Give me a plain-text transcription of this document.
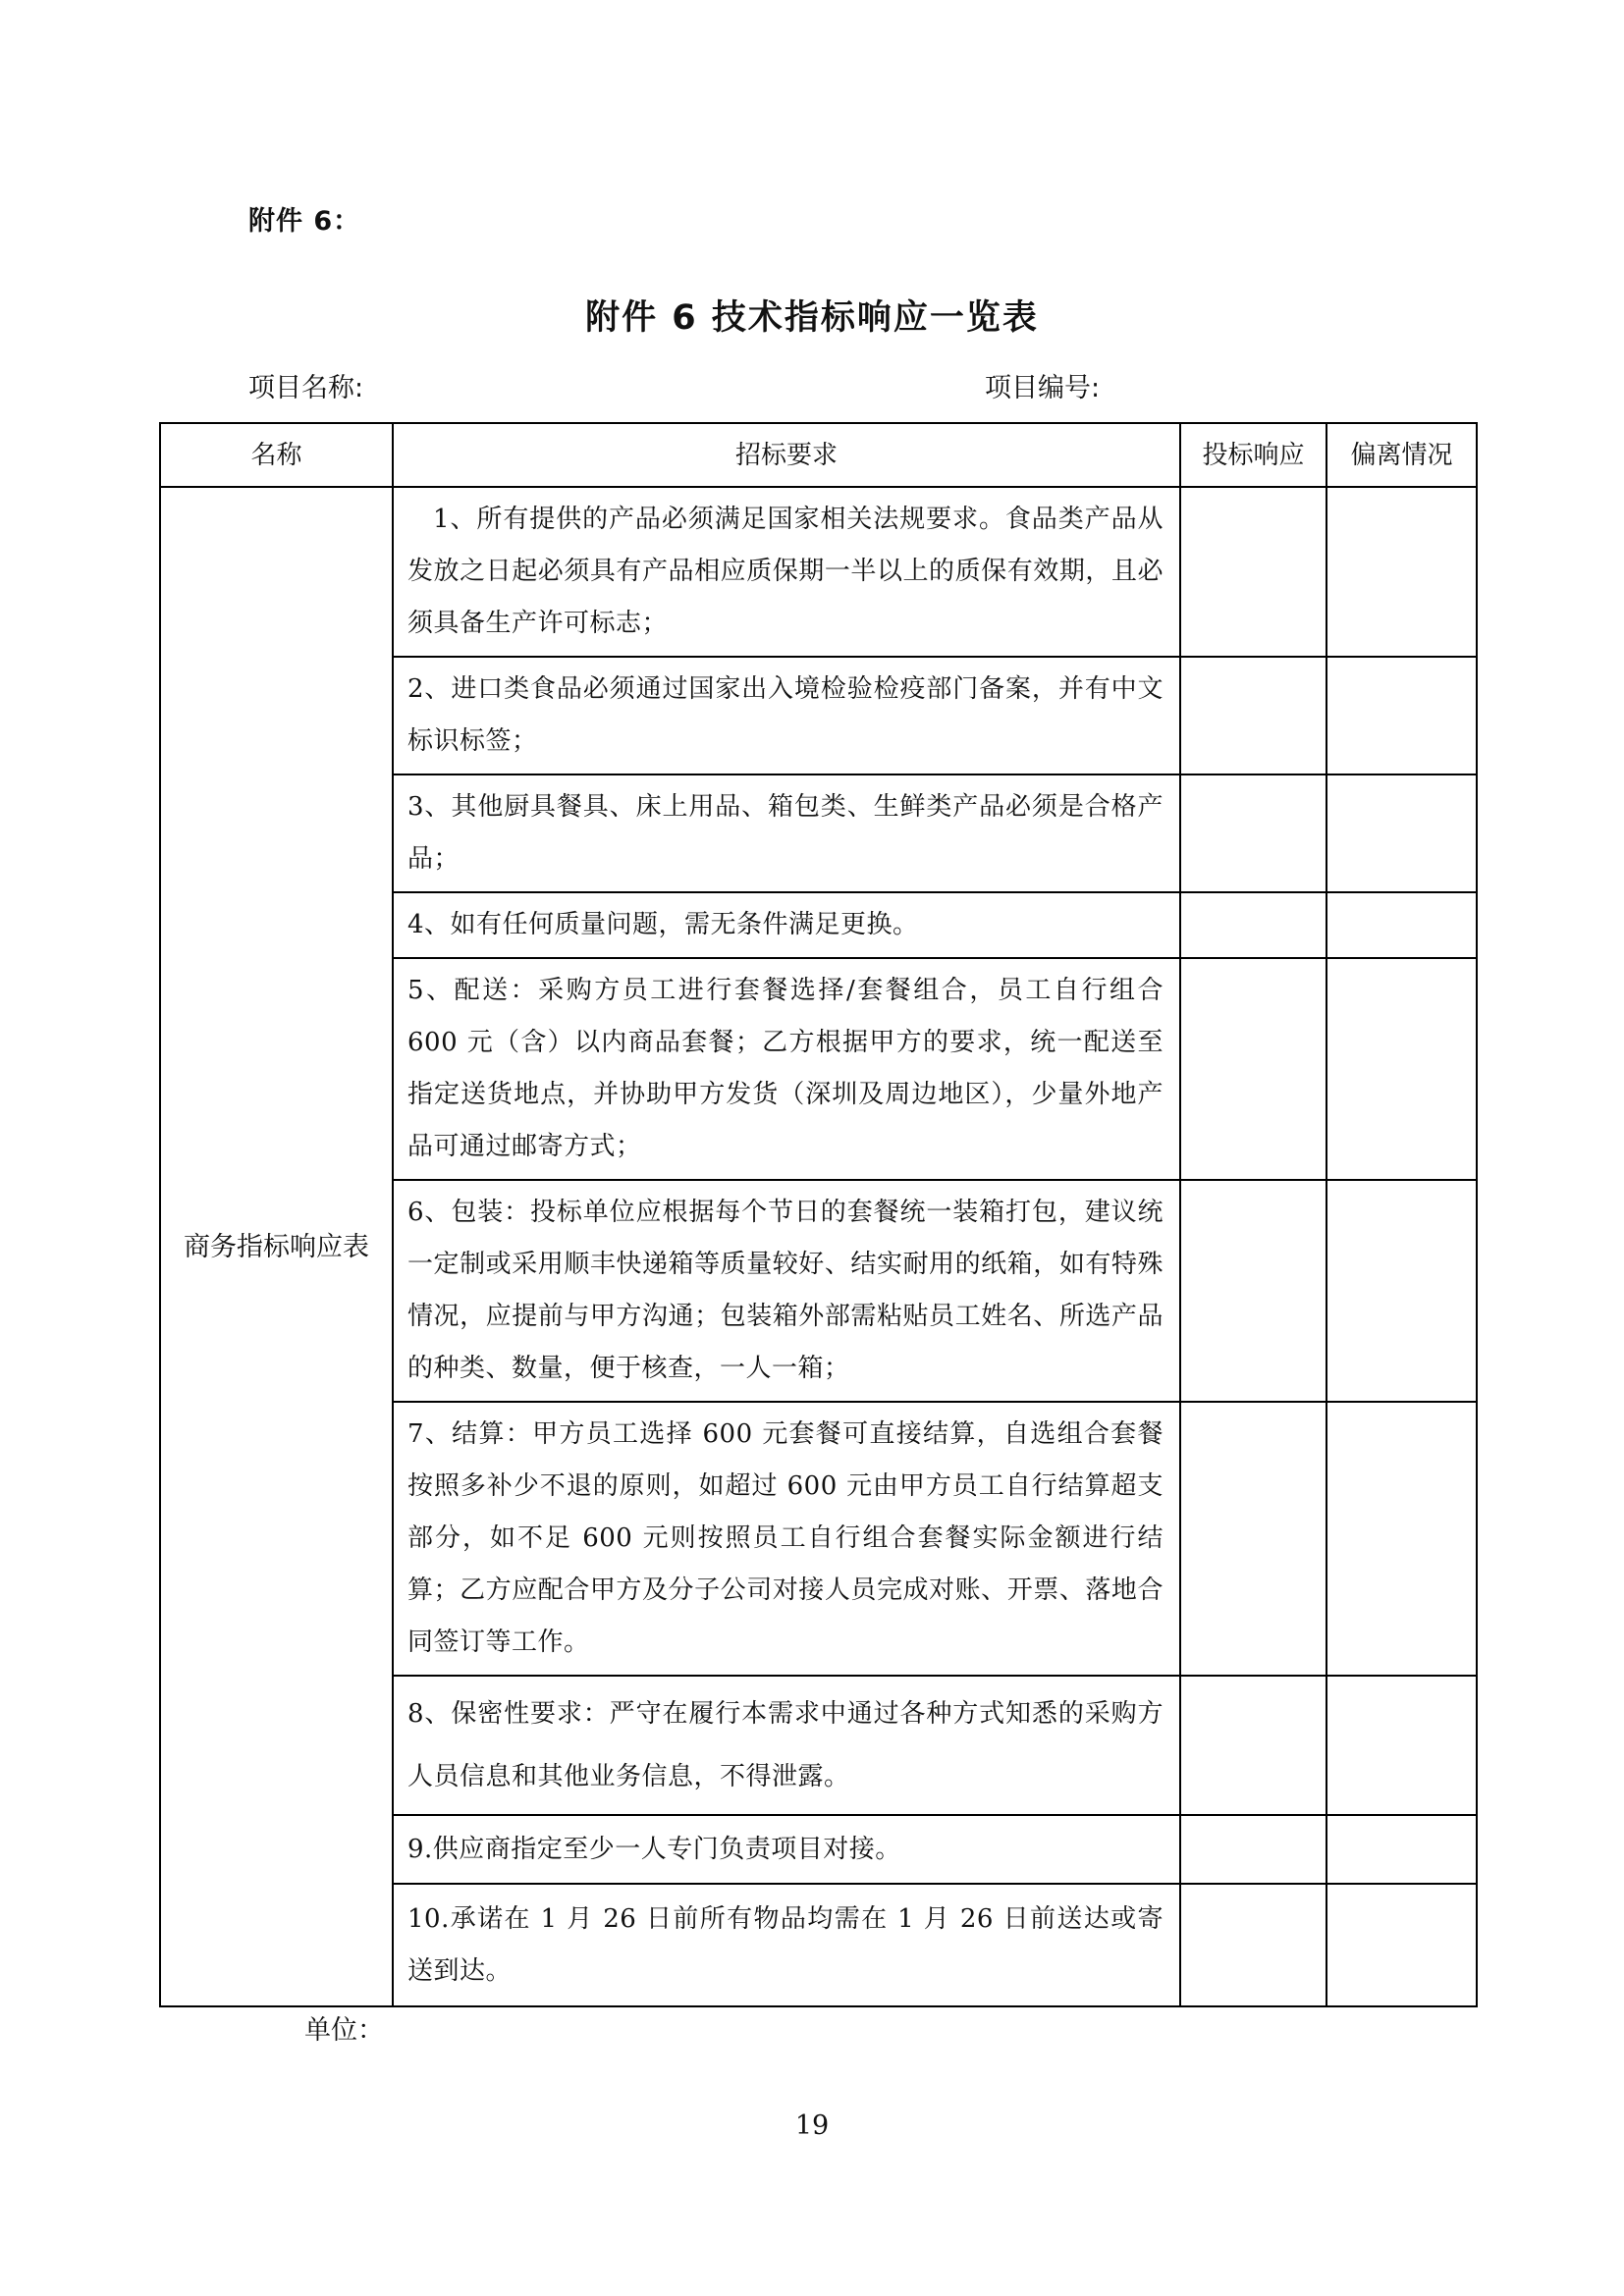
附件 6：
附件 6 技术指标响应一览表
项目名称:	项目编号:
名称	招标要求	投标响应	偏离情况
商务指标响应表	1、所有提供的产品必须满足国家相关法规要求。食品类产品从发放之日起必须具有产品相应质保期一半以上的质保有效期，且必须具备生产许可标志；		
	2、进口类食品必须通过国家出入境检验检疫部门备案，并有中文标识标签；		
	3、其他厨具餐具、床上用品、箱包类、生鲜类产品必须是合格产品；		
	4、如有任何质量问题，需无条件满足更换。		
	5、配送：采购方员工进行套餐选择/套餐组合，员工自行组合 600 元（含）以内商品套餐；乙方根据甲方的要求，统一配送至指定送货地点，并协助甲方发货（深圳及周边地区），少量外地产品可通过邮寄方式；		
	6、包装：投标单位应根据每个节日的套餐统一装箱打包，建议统一定制或采用顺丰快递箱等质量较好、结实耐用的纸箱，如有特殊情况，应提前与甲方沟通；包装箱外部需粘贴员工姓名、所选产品的种类、数量，便于核查，一人一箱；		
	7、结算：甲方员工选择 600 元套餐可直接结算，自选组合套餐按照多补少不退的原则，如超过 600 元由甲方员工自行结算超支部分，如不足 600 元则按照员工自行组合套餐实际金额进行结算；乙方应配合甲方及分子公司对接人员完成对账、开票、落地合同签订等工作。		
	8、保密性要求：严守在履行本需求中通过各种方式知悉的采购方人员信息和其他业务信息，不得泄露。		
	9.供应商指定至少一人专门负责项目对接。		
	10.承诺在 1 月 26 日前所有物品均需在 1 月 26 日前送达或寄送到达。		
单位：
19
